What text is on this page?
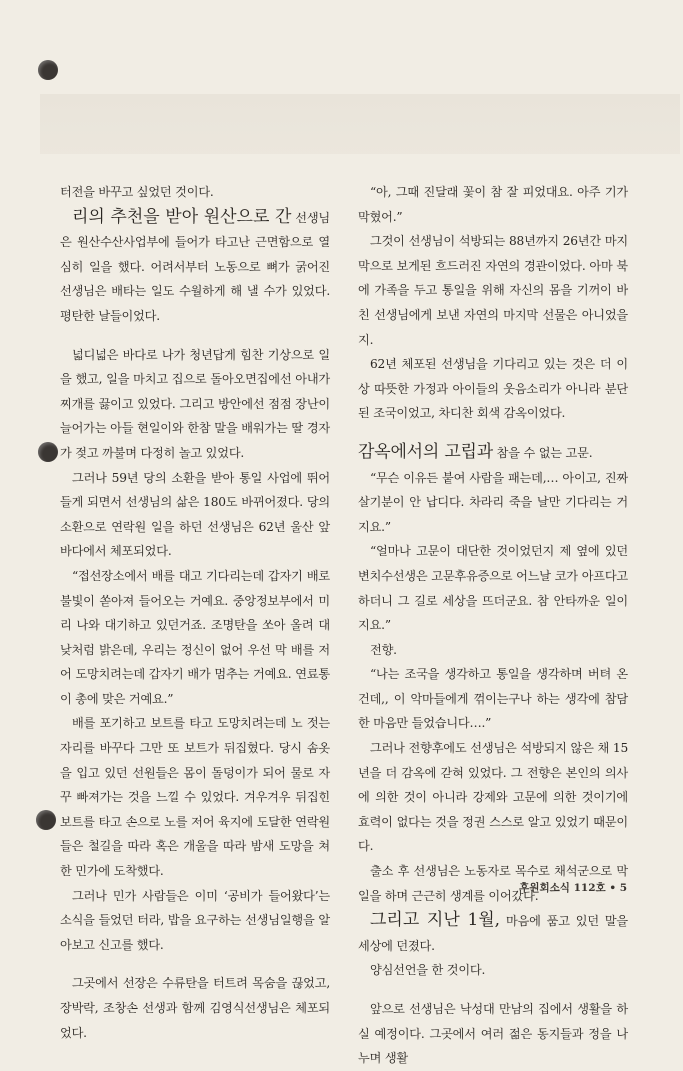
터전을 바꾸고 싶었던 것이다.

리의 추천을 받아 원산으로 간 선생님은 원산수산사업부에 들어가 타고난 근면함으로 열심히 일을 했다. 어려서부터 노동으로 뼈가 굵어진 선생님은 배타는 일도 수월하게 해 낼 수가 있었다. 평탄한 날들이었다.

넓디넓은 바다로 나가 청년답게 힘찬 기상으로 일을 했고, 일을 마치고 집으로 돌아오면집에선 아내가 찌개를 끓이고 있었다. 그리고 방안에선 점점 장난이 늘어가는 아들 현일이와 한참 말을 배워가는 딸 경자가 젖고 까불며 다정히 놀고 있었다.

그러나 59년 당의 소환을 받아 통일 사업에 뛰어들게 되면서 선생님의 삶은 180도 바뀌어졌다. 당의 소환으로 연락원 일을 하던 선생님은 62년 울산 앞바다에서 체포되었다.

“접선장소에서 배를 대고 기다리는데 갑자기 배로 불빛이 쏟아져 들어오는 거예요. 중앙정보부에서 미리 나와 대기하고 있던거죠. 조명탄을 쏘아 올려 대낮처럼 밝은데, 우리는 정신이 없어 우선 막 배를 저어 도망치려는데 갑자기 배가 멈추는 거예요. 연료통이 총에 맞은 거예요.”

배를 포기하고 보트를 타고 도망치려는데 노 젓는 자리를 바꾸다 그만 또 보트가 뒤집혔다. 당시 솜옷을 입고 있던 선원들은 몸이 돌덩이가 되어 물로 자꾸 빠져가는 것을 느낄 수 있었다. 겨우겨우 뒤집힌 보트를 타고 손으로 노를 저어 육지에 도달한 연락원들은 철길을 따라 혹은 개울을 따라 밤새 도망을 쳐 한 민가에 도착했다.

그러나 민가 사람들은 이미 ‘공비가 들어왔다’는 소식을 들었던 터라, 밥을 요구하는 선생님일행을 알아보고 신고를 했다.

그곳에서 선장은 수류탄을 터트려 목숨을 끊었고, 장박락, 조창손 선생과 함께 김영식선생님은 체포되었다.

“아, 그때 진달래 꽃이 참 잘 피었대요. 아주 기가 막혔어.”

그것이 선생님이 석방되는 88년까지 26년간 마지막으로 보게된 흐드러진 자연의 경관이었다. 아마 북에 가족을 두고 통일을 위해 자신의 몸을 기꺼이 바친 선생님에게 보낸 자연의 마지막 선물은 아니었을지.

62년 체포된 선생님을 기다리고 있는 것은 더 이상 따뜻한 가정과 아이들의 웃음소리가 아니라 분단된 조국이었고, 차디찬 회색 감옥이었다.

감옥에서의 고립과 참을 수 없는 고문.

“무슨 이유든 붙여 사람을 패는데,… 아이고, 진짜 살기분이 안 납디다. 차라리 죽을 날만 기다리는 거지요.”

“얼마나 고문이 대단한 것이었던지 제 옆에 있던 변치수선생은 고문후유증으로 어느날 코가 아프다고 하더니 그 길로 세상을 뜨더군요. 참 안타까운 일이지요.”

전향.

“나는 조국을 생각하고 통일을 생각하며 버텨 온 건데,, 이 악마들에게 꺾이는구나 하는 생각에 참담한 마음만 들었습니다….”

그러나 전향후에도 선생님은 석방되지 않은 채 15년을 더 감옥에 갇혀 있었다. 그 전향은 본인의 의사에 의한 것이 아니라 강제와 고문에 의한 것이기에 효력이 없다는 것을 정권 스스로 알고 있었기 때문이다.

출소 후 선생님은 노동자로 목수로 채석군으로 막일을 하며 근근히 생계를 이어갔다.

그리고 지난 1월, 마음에 품고 있던 말을 세상에 던졌다.

양심선언을 한 것이다.

앞으로 선생님은 낙성대 만남의 집에서 생활을 하실 예정이다. 그곳에서 여러 젊은 동지들과 정을 나누며 생활

후원회소식 112호 • 5
